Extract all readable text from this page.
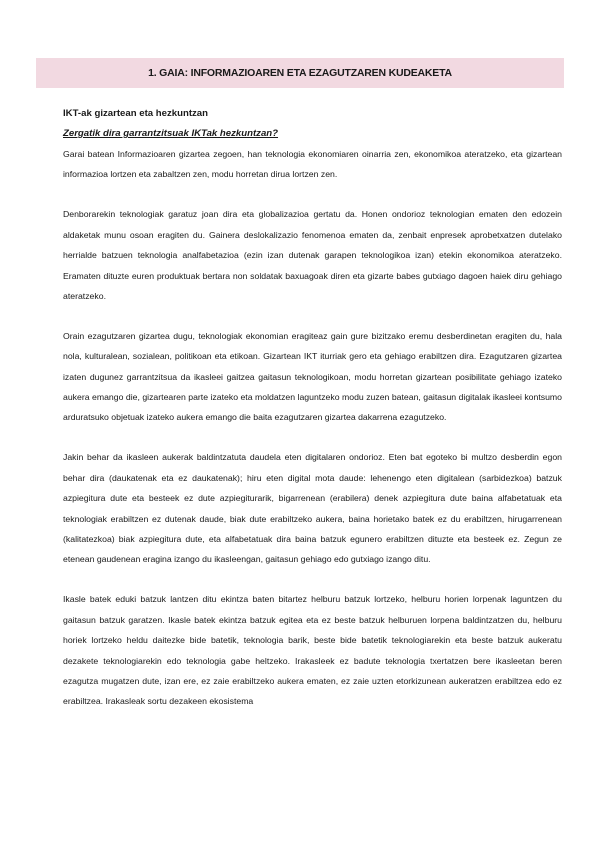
1. GAIA: INFORMAZIOAREN ETA EZAGUTZAREN KUDEAKETA

IKT-ak gizartean eta hezkuntzan

Zergatik dira garrantzitsuak IKTak hezkuntzan?

Garai batean Informazioaren gizartea zegoen, han teknologia ekonomiaren oinarria zen, ekonomikoa ateratzeko, eta gizartean informazioa lortzen eta zabaltzen zen, modu horretan dirua lortzen zen.

Denborarekin teknologiak garatuz joan dira eta globalizazioa gertatu da. Honen ondorioz teknologian ematen den edozein aldaketak munu osoan eragiten du. Gainera deslokalizazio fenomenoa ematen da, zenbait enpresek aprobetxatzen dutelako herrialde batzuen teknologia analfabetazioa (ezin izan dutenak garapen teknologikoa izan) etekin ekonomikoa ateratzeko. Eramaten dituzte euren produktuak bertara non soldatak baxuagoak diren eta gizarte babes gutxiago dagoen haiek diru gehiago ateratzeko.

Orain ezagutzaren gizartea dugu, teknologiak ekonomian eragiteaz gain gure bizitzako eremu desberdinetan eragiten du, hala nola, kulturalean, sozialean, politikoan eta etikoan. Gizartean IKT iturriak gero eta gehiago erabiltzen dira. Ezagutzaren gizartea izaten dugunez garrantzitsua da ikasleei gaitzea gaitasun teknologikoan, modu horretan gizartean posibilitate gehiago izateko aukera emango die, gizartearen parte izateko eta moldatzen laguntzeko modu zuzen batean, gaitasun digitalak ikasleei kontsumo arduratsuko objetuak izateko aukera emango die baita ezagutzaren gizartea dakarrena ezagutzeko.

Jakin behar da ikasleen aukerak baldintzatuta daudela eten digitalaren ondorioz. Eten bat egoteko bi multzo desberdin egon behar dira (daukatenak eta ez daukatenak); hiru eten digital mota daude: lehenengo eten digitalean (sarbidezkoa) batzuk azpiegitura dute eta besteek ez dute azpiegiturarik, bigarrenean (erabilera) denek azpiegitura dute baina alfabetatuak eta teknologiak erabiltzen ez dutenak daude, biak dute erabiltzeko aukera, baina horietako batek ez du erabiltzen, hirugarrenean (kalitatezkoa) biak azpiegitura dute, eta alfabetatuak dira baina batzuk egunero erabiltzen dituzte eta besteek ez. Zegun ze etenean gaudenean eragina izango du ikasleengan, gaitasun gehiago edo gutxiago izango ditu.

Ikasle batek eduki batzuk lantzen ditu ekintza baten bitartez helburu batzuk lortzeko, helburu horien lorpenak laguntzen du gaitasun batzuk garatzen. Ikasle batek ekintza batzuk egitea eta ez beste batzuk helburuen lorpena baldintzatzen du, helburu horiek lortzeko heldu daitezke bide batetik, teknologia barik, beste bide batetik teknologiarekin eta beste batzuk aukeratu dezakete teknologiarekin edo teknologia gabe heltzeko. Irakasleek ez badute teknologia txertatzen bere ikasleetan beren ezagutza mugatzen dute, izan ere, ez zaie erabiltzeko aukera ematen, ez zaie uzten etorkizunean aukeratzen erabiltzea edo ez erabiltzea. Irakasleak sortu dezakeen ekosistema
